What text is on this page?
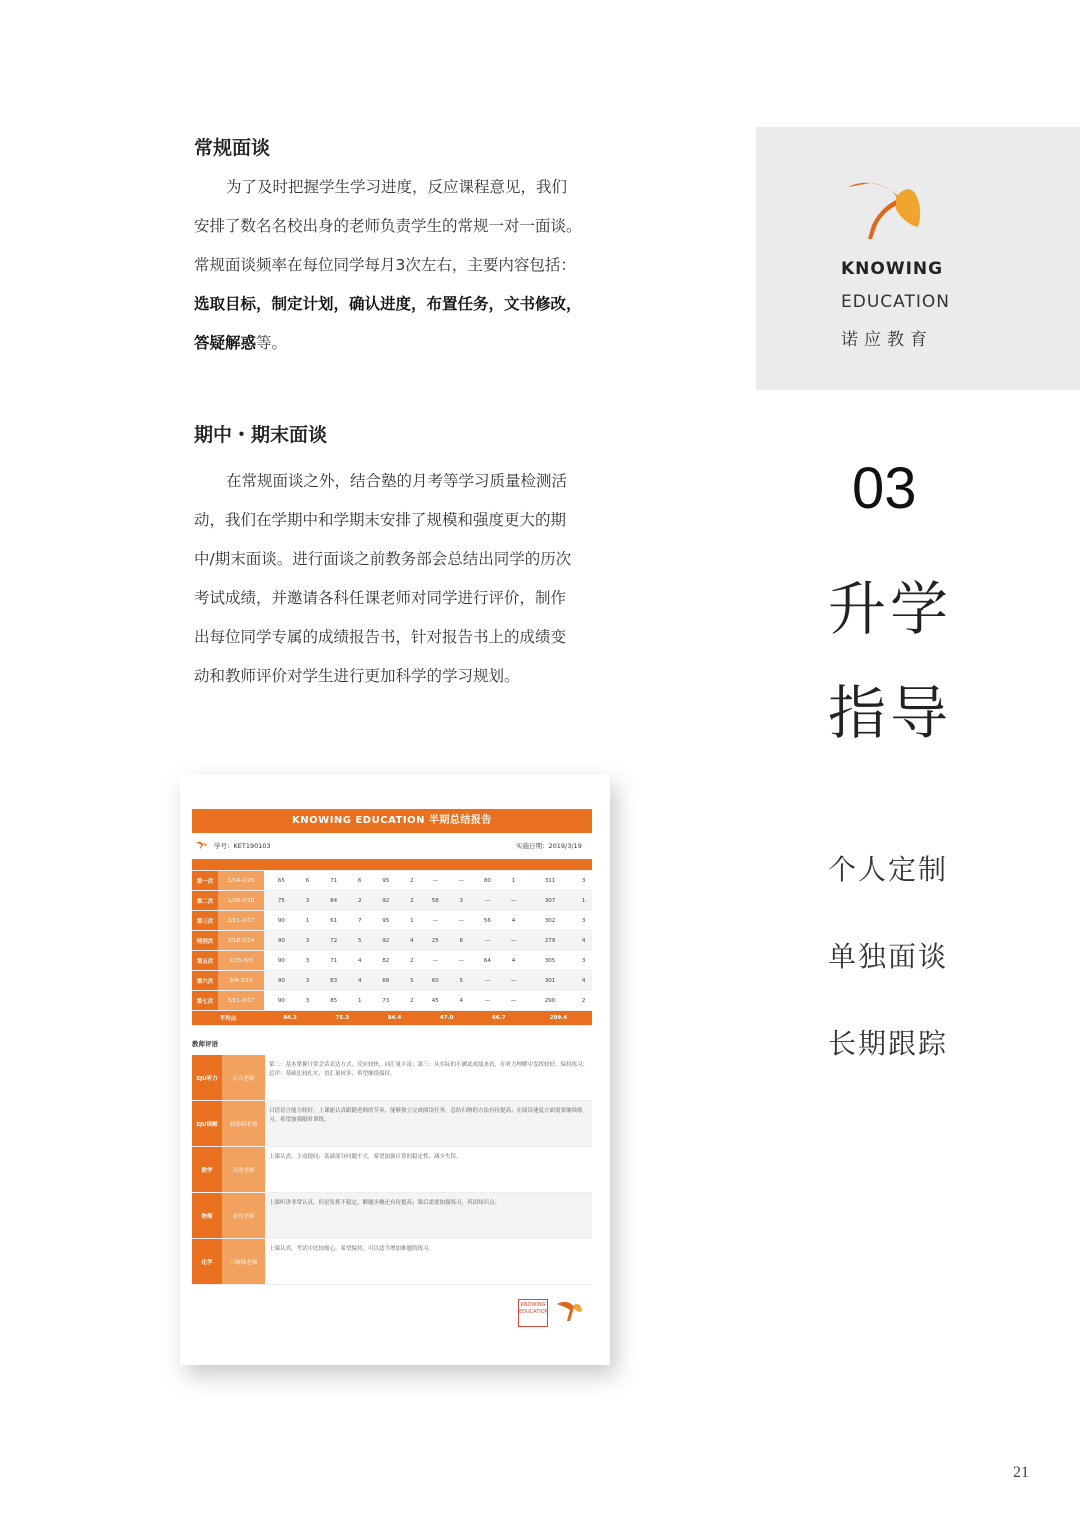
常规面谈
为了及时把握学生学习进度，反应课程意见，我们
安排了数名名校出身的老师负责学生的常规一对一面谈。
常规面谈频率在每位同学每月3次左右，主要内容包括：
选取目标，制定计划，确认进度，布置任务，文书修改，
答疑解惑等。
期中・期末面谈
在常规面谈之外，结合塾的月考等学习质量检测活
动，我们在学期中和学期末安排了规模和强度更大的期
中/期末面谈。进行面谈之前教务部会总结出同学的历次
考试成绩，并邀请各科任课老师对同学进行评价，制作
出每位同学专属的成绩报告书，针对报告书上的成绩变
动和教师评价对学生进行更加科学的学习规划。
KNOWING
EDUCATION
诺应教育
03
升学
指导
个人定制
单独面谈
长期跟踪
KNOWING EDUCATION 半期总结报告
学号：KET190103	实施日期：2019/3/19

第一次	1/14-1/20	65	6	71	6	95	2	—	—	80	1	311	3
第二次	1/28-2/10	75	3	84	2	92	2	58	3	—	—	307	1
第三次	2/11-2/17	90	1	61	7	95	1	—	—	56	4	302	3
特别次	2/18-2/24	90	3	72	5	92	4	25	6	—	—	279	4
第五次	2/25-3/3	90	3	71	4	82	2	—	—	64	4	305	3
第六次	3/4-3/10	90	3	83	4	68	5	60	5	—	—	301	4
第七次	3/11-3/17	90	3	85	1	73	2	45	4	—	—	290	2
平均点		84.3		75.3		84.4		47.0		66.7		299.4	
教师评语
EJU听力	公告老师
第二：基本掌握日常会话表达方式，反应较快，词汇量丰富；第三：从实际的小测试成绩来看，在听力理解中发挥较好，保持练习；总评：基础比较扎实，语汇量较多，希望继续保持。
EJU读解	阿部明老师
日语语言能力较好，上课能认真跟随老师的节奏，能够独立完成阅读任务，总结归纳的方法有待提高；在阅读速度方面需要继续练习，希望加强限时训练。
数学	吴浩老师
上课认真，主动提问；基础部分问题不大，希望加强计算的稳定性，减少失误。
物理	唐亮老师
上课听讲非常认真，但是发挥不稳定，解题步骤还有待提高；课后需要加强练习，巩固知识点。
化学	三崎隆老师
上课认真，考试中比较细心，希望保持，可以适当增加难题的练习。
KNOWING EDUCATION
21
